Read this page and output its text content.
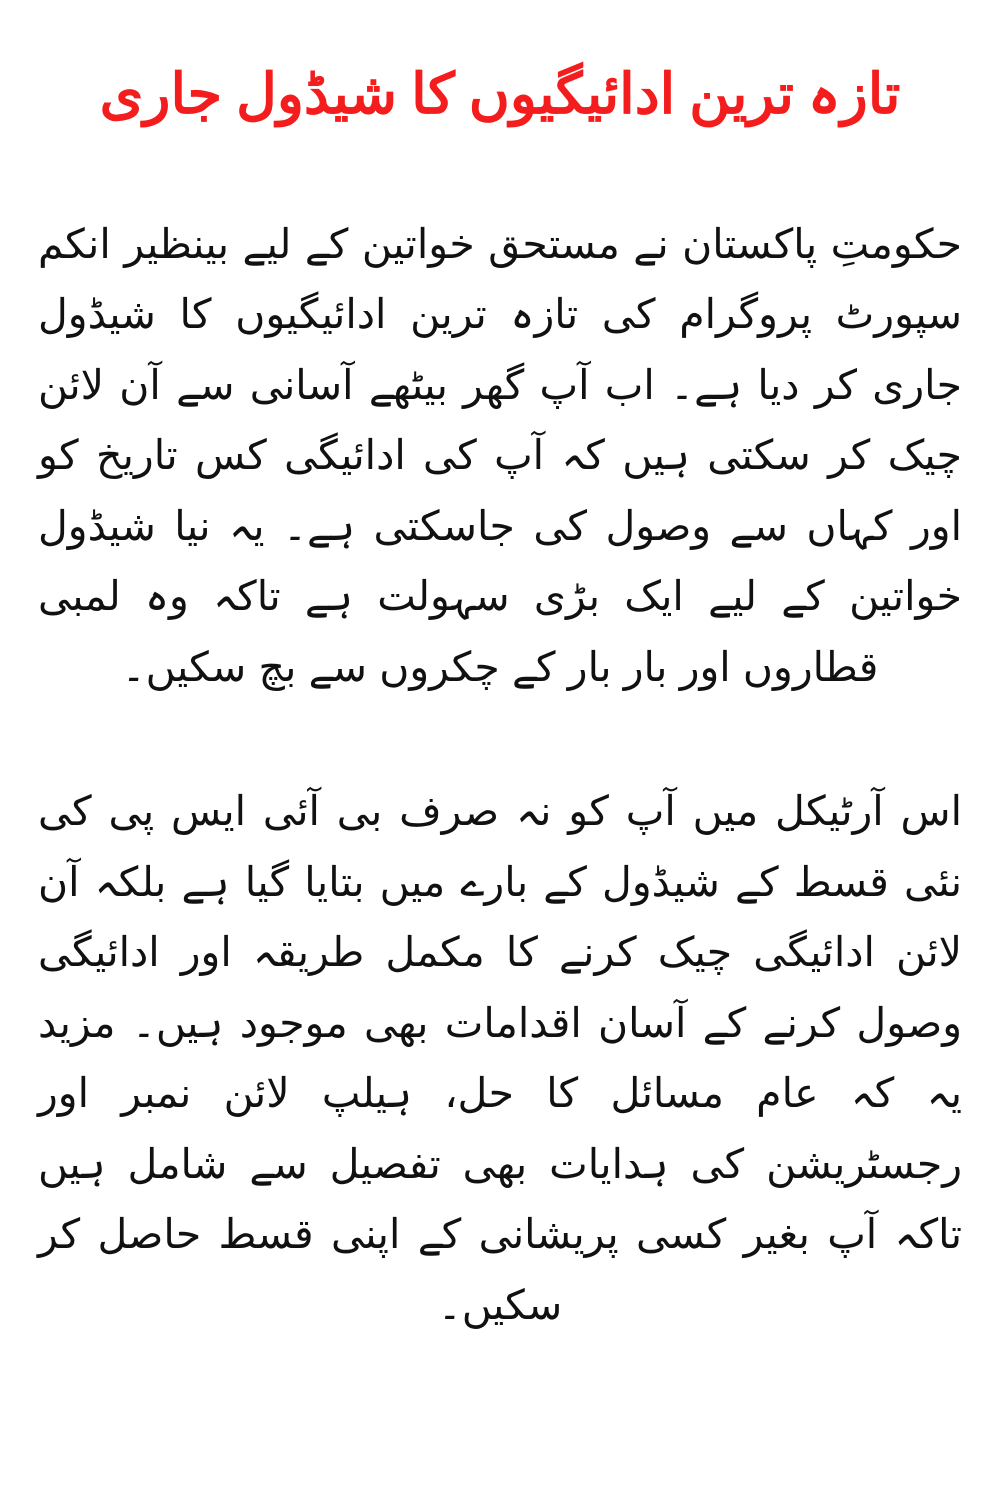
تازہ ترین ادائیگیوں کا شیڈول جاری

حکومتِ پاکستان نے مستحق خواتین کے لیے بینظیر انکم سپورٹ پروگرام کی تازہ ترین ادائیگیوں کا شیڈول جاری کر دیا ہے۔ اب آپ گھر بیٹھے آسانی سے آن لائن چیک کر سکتی ہیں کہ آپ کی ادائیگی کس تاریخ کو اور کہاں سے وصول کی جاسکتی ہے۔ یہ نیا شیڈول خواتین کے لیے ایک بڑی سہولت ہے تاکہ وہ لمبی قطاروں اور بار بار کے چکروں سے بچ سکیں۔

اس آرٹیکل میں آپ کو نہ صرف بی آئی ایس پی کی نئی قسط کے شیڈول کے بارے میں بتایا گیا ہے بلکہ آن لائن ادائیگی چیک کرنے کا مکمل طریقہ اور ادائیگی وصول کرنے کے آسان اقدامات بھی موجود ہیں۔ مزید یہ کہ عام مسائل کا حل، ہیلپ لائن نمبر اور رجسٹریشن کی ہدایات بھی تفصیل سے شامل ہیں تاکہ آپ بغیر کسی پریشانی کے اپنی قسط حاصل کر سکیں۔
